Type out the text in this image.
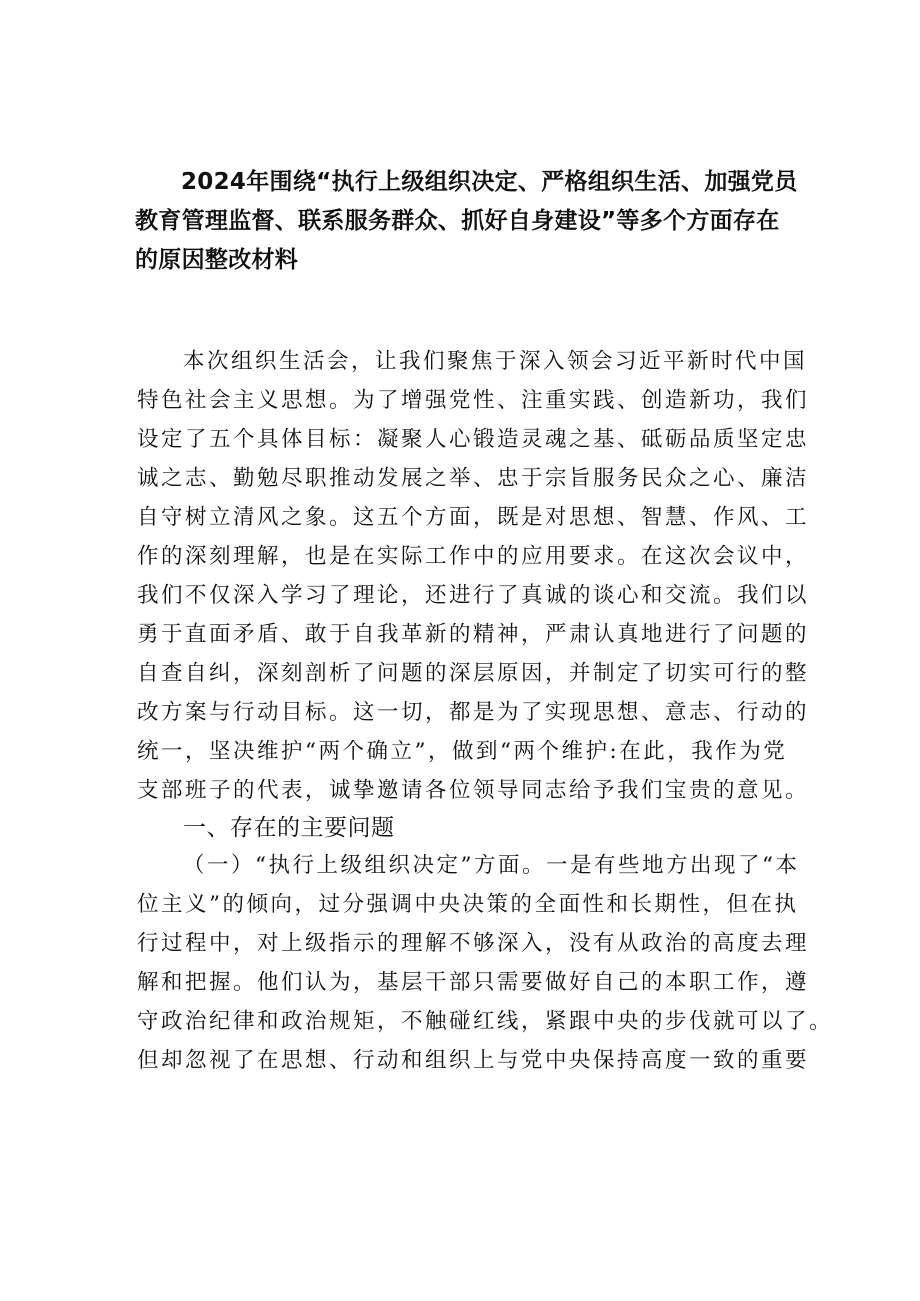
2024年围绕“执行上级组织决定、严格组织生活、加强党员
教育管理监督、联系服务群众、抓好自身建设”等多个方面存在
的原因整改材料
本次组织生活会，让我们聚焦于深入领会习近平新时代中国
特色社会主义思想。为了增强党性、注重实践、创造新功，我们
设定了五个具体目标：凝聚人心锻造灵魂之基、砥砺品质坚定忠
诚之志、勤勉尽职推动发展之举、忠于宗旨服务民众之心、廉洁
自守树立清风之象。这五个方面，既是对思想、智慧、作风、工
作的深刻理解，也是在实际工作中的应用要求。在这次会议中，
我们不仅深入学习了理论，还进行了真诚的谈心和交流。我们以
勇于直面矛盾、敢于自我革新的精神，严肃认真地进行了问题的
自查自纠，深刻剖析了问题的深层原因，并制定了切实可行的整
改方案与行动目标。这一切，都是为了实现思想、意志、行动的
统一，坚决维护“两个确立”，做到“两个维护:在此，我作为党
支部班子的代表，诚挚邀请各位领导同志给予我们宝贵的意见。
一、存在的主要问题
（一）“执行上级组织决定”方面。一是有些地方出现了“本
位主义”的倾向，过分强调中央决策的全面性和长期性，但在执
行过程中，对上级指示的理解不够深入，没有从政治的高度去理
解和把握。他们认为，基层干部只需要做好自己的本职工作，遵
守政治纪律和政治规矩，不触碰红线，紧跟中央的步伐就可以了。
但却忽视了在思想、行动和组织上与党中央保持高度一致的重要
